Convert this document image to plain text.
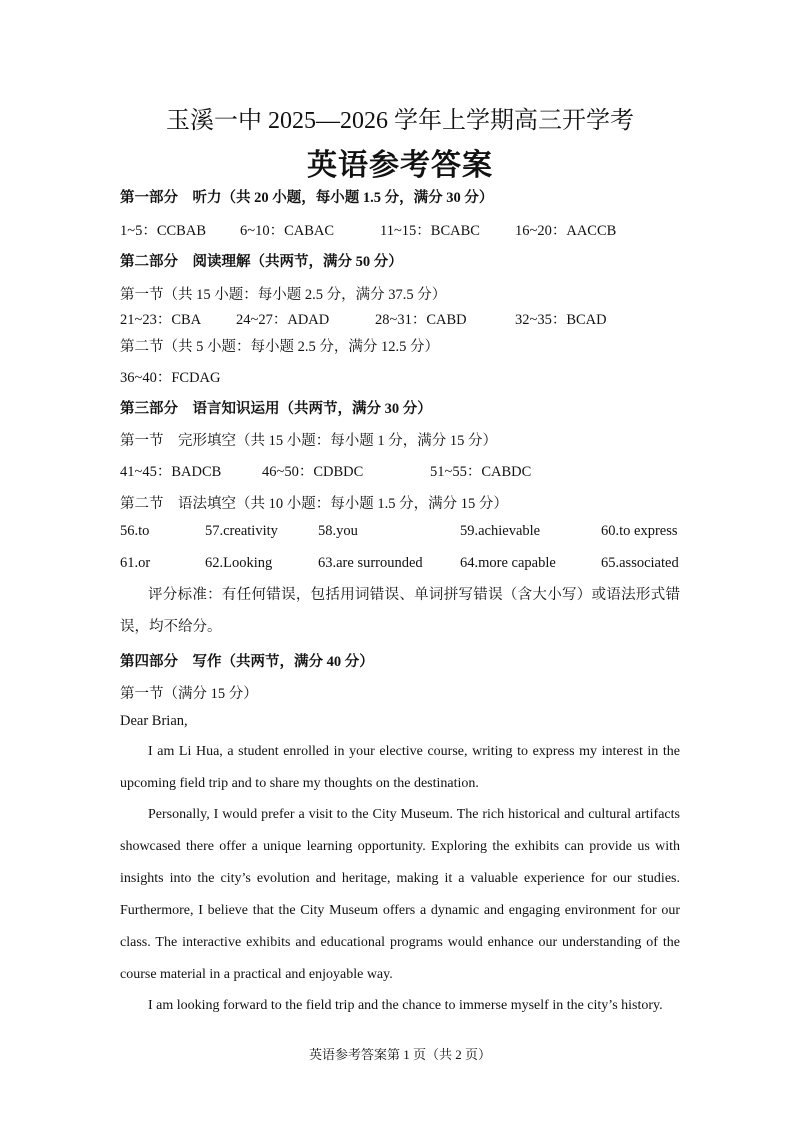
玉溪一中 2025—2026 学年上学期高三开学考
英语参考答案
第一部分　听力（共 20 小题，每小题 1.5 分，满分 30 分）
1~5：CCBAB 6~10：CABAC	11~15：BCABC 16~20：AACCB
第二部分　阅读理解（共两节，满分 50 分）
第一节（共 15 小题：每小题 2.5 分，满分 37.5 分）
21~23：CBA 24~27：ADAD	28~31：CABD	32~35：BCAD
第二节（共 5 小题：每小题 2.5 分，满分 12.5 分）
36~40：FCDAG
第三部分　语言知识运用（共两节，满分 30 分）
第一节　完形填空（共 15 小题：每小题 1 分，满分 15 分）
41~45：BADCB	46~50：CDBDC	51~55：CABDC
第二节　语法填空（共 10 小题：每小题 1.5 分，满分 15 分）
56.to	57.creativity	58.you	59.achievable	60.to express
61.or	62.Looking	63.are surrounded	64.more capable	65.associated
评分标准：有任何错误，包括用词错误、单词拼写错误（含大小写）或语法形式错误，均不给分。
第四部分　写作（共两节，满分 40 分）
第一节（满分 15 分）
Dear Brian,
I am Li Hua, a student enrolled in your elective course, writing to express my interest in the upcoming field trip and to share my thoughts on the destination.
Personally, I would prefer a visit to the City Museum. The rich historical and cultural artifacts showcased there offer a unique learning opportunity. Exploring the exhibits can provide us with insights into the city’s evolution and heritage, making it a valuable experience for our studies. Furthermore, I believe that the City Museum offers a dynamic and engaging environment for our class. The interactive exhibits and educational programs would enhance our understanding of the course material in a practical and enjoyable way.
I am looking forward to the field trip and the chance to immerse myself in the city’s history.
英语参考答案第 1 页（共 2 页）
